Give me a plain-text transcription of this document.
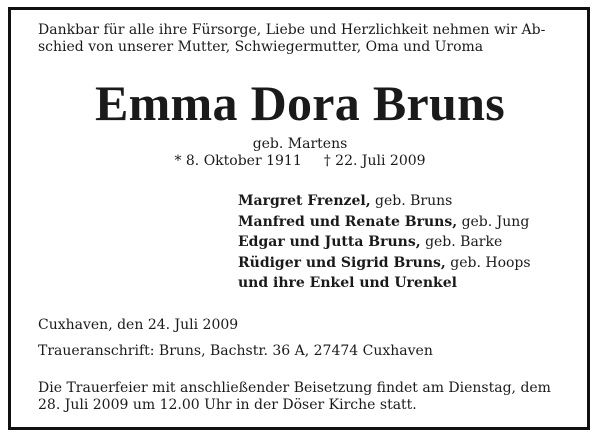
Dankbar für alle ihre Fürsorge, Liebe und Herzlichkeit nehmen wir Ab-
schied von unserer Mutter, Schwiegermutter, Oma und Uroma

Emma Dora Bruns

geb. Martens

* 8. Oktober 1911 † 22. Juli 2009

Margret Frenzel, geb. Bruns
Manfred und Renate Bruns, geb. Jung
Edgar und Jutta Bruns, geb. Barke
Rüdiger und Sigrid Bruns, geb. Hoops
und ihre Enkel und Urenkel

Cuxhaven, den 24. Juli 2009

Traueranschrift: Bruns, Bachstr. 36 A, 27474 Cuxhaven

Die Trauerfeier mit anschließender Beisetzung findet am Dienstag, dem
28. Juli 2009 um 12.00 Uhr in der Döser Kirche statt.
